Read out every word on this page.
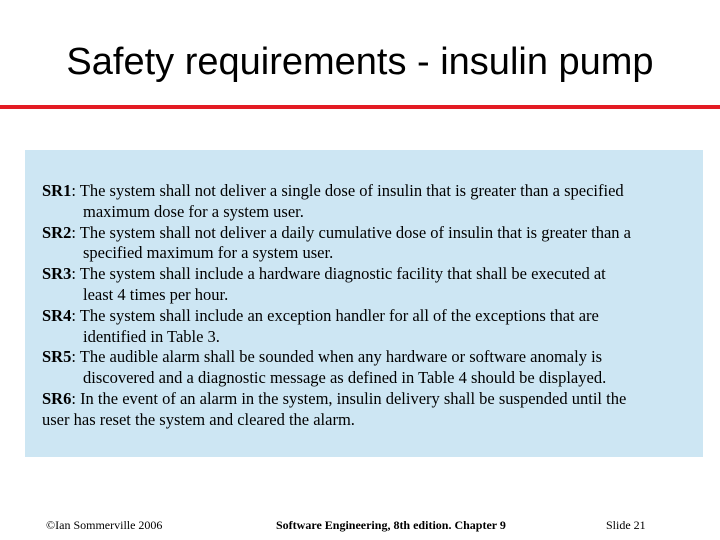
Safety requirements - insulin pump

SR1: The system shall not deliver a single dose of insulin that is greater than a specified
maximum dose for a system user.

SR2: The system shall not deliver a daily cumulative dose of insulin that is greater than a
specified maximum for a system user.

SR3: The system shall include a hardware diagnostic facility that shall be executed at
least 4 times per hour.

SR4: The system shall include an exception handler for all of the exceptions that are
identified in Table 3.

SR5: The audible alarm shall be sounded when any hardware or software anomaly is
discovered and a diagnostic message as defined in Table 4 should be displayed.

SR6: In the event of an alarm in the system, insulin delivery shall be suspended until the
user has reset the system and cleared the alarm.

©Ian Sommerville 2006	Software Engineering, 8th edition. Chapter 9	Slide 21
